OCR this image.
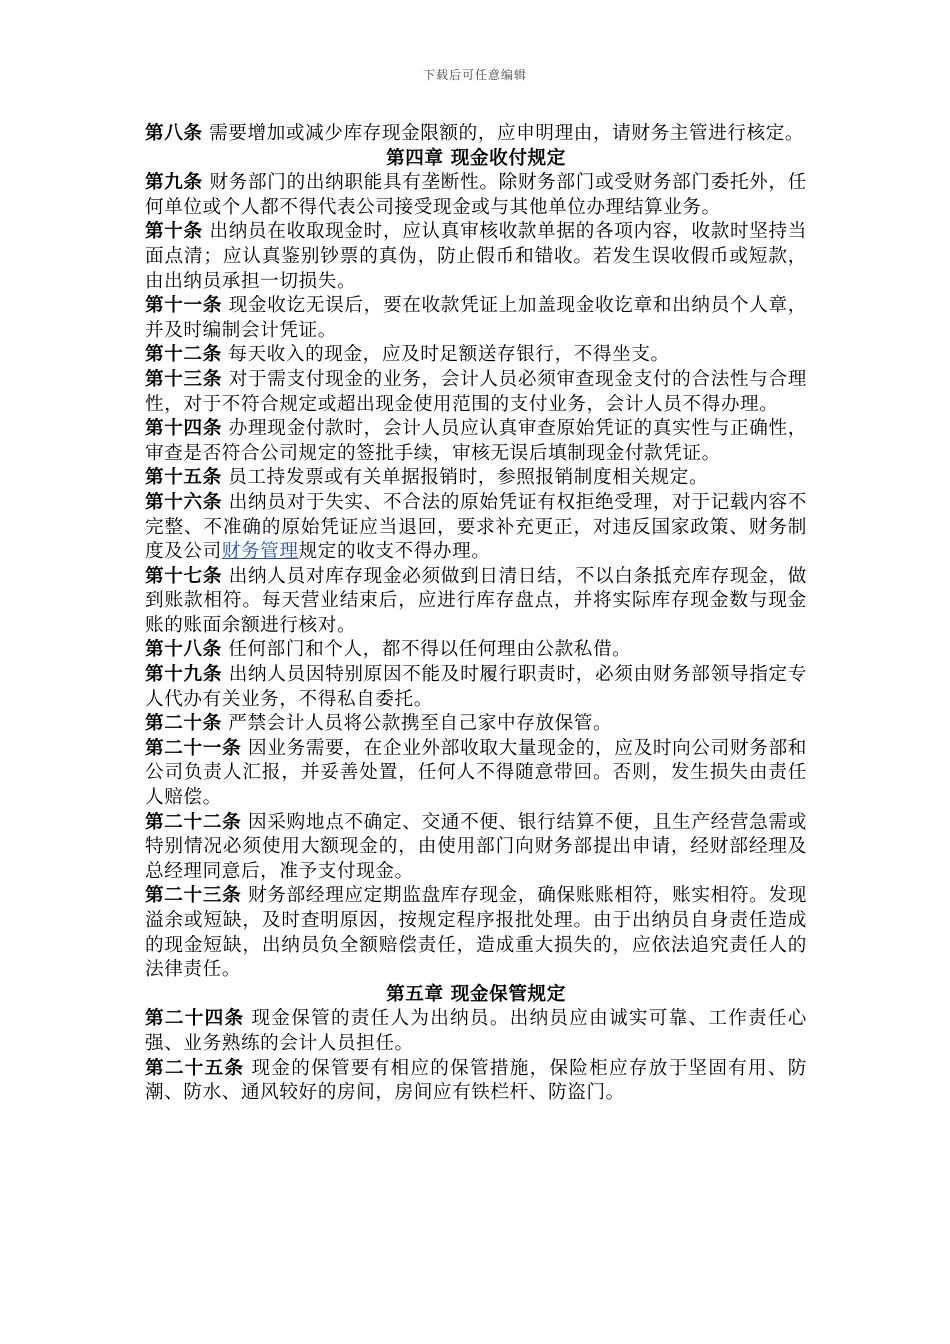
下载后可任意编辑

第八条 需要增加或减少库存现金限额的，应申明理由，请财务主管进行核定。

第四章 现金收付规定

第九条 财务部门的出纳职能具有垄断性。除财务部门或受财务部门委托外，任何单位或个人都不得代表公司接受现金或与其他单位办理结算业务。

第十条 出纳员在收取现金时，应认真审核收款单据的各项内容，收款时坚持当面点清；应认真鉴别钞票的真伪，防止假币和错收。若发生误收假币或短款，由出纳员承担一切损失。

第十一条 现金收讫无误后，要在收款凭证上加盖现金收讫章和出纳员个人章，并及时编制会计凭证。

第十二条 每天收入的现金，应及时足额送存银行，不得坐支。

第十三条 对于需支付现金的业务，会计人员必须审查现金支付的合法性与合理性，对于不符合规定或超出现金使用范围的支付业务，会计人员不得办理。

第十四条 办理现金付款时，会计人员应认真审查原始凭证的真实性与正确性，审查是否符合公司规定的签批手续，审核无误后填制现金付款凭证。

第十五条 员工持发票或有关单据报销时，参照报销制度相关规定。

第十六条 出纳员对于失实、不合法的原始凭证有权拒绝受理，对于记载内容不完整、不准确的原始凭证应当退回，要求补充更正，对违反国家政策、财务制度及公司财务管理规定的收支不得办理。

第十七条 出纳人员对库存现金必须做到日清日结，不以白条抵充库存现金，做到账款相符。每天营业结束后，应进行库存盘点，并将实际库存现金数与现金账的账面余额进行核对。

第十八条 任何部门和个人，都不得以任何理由公款私借。

第十九条 出纳人员因特别原因不能及时履行职责时，必须由财务部领导指定专人代办有关业务，不得私自委托。

第二十条 严禁会计人员将公款携至自己家中存放保管。

第二十一条 因业务需要，在企业外部收取大量现金的，应及时向公司财务部和公司负责人汇报，并妥善处置，任何人不得随意带回。否则，发生损失由责任人赔偿。

第二十二条 因采购地点不确定、交通不便、银行结算不便，且生产经营急需或特别情况必须使用大额现金的，由使用部门向财务部提出申请，经财部经理及总经理同意后，准予支付现金。

第二十三条 财务部经理应定期监盘库存现金，确保账账相符，账实相符。发现溢余或短缺，及时查明原因，按规定程序报批处理。由于出纳员自身责任造成的现金短缺，出纳员负全额赔偿责任，造成重大损失的，应依法追究责任人的法律责任。

第五章 现金保管规定

第二十四条 现金保管的责任人为出纳员。出纳员应由诚实可靠、工作责任心强、业务熟练的会计人员担任。

第二十五条 现金的保管要有相应的保管措施，保险柜应存放于坚固有用、防潮、防水、通风较好的房间，房间应有铁栏杆、防盗门。
